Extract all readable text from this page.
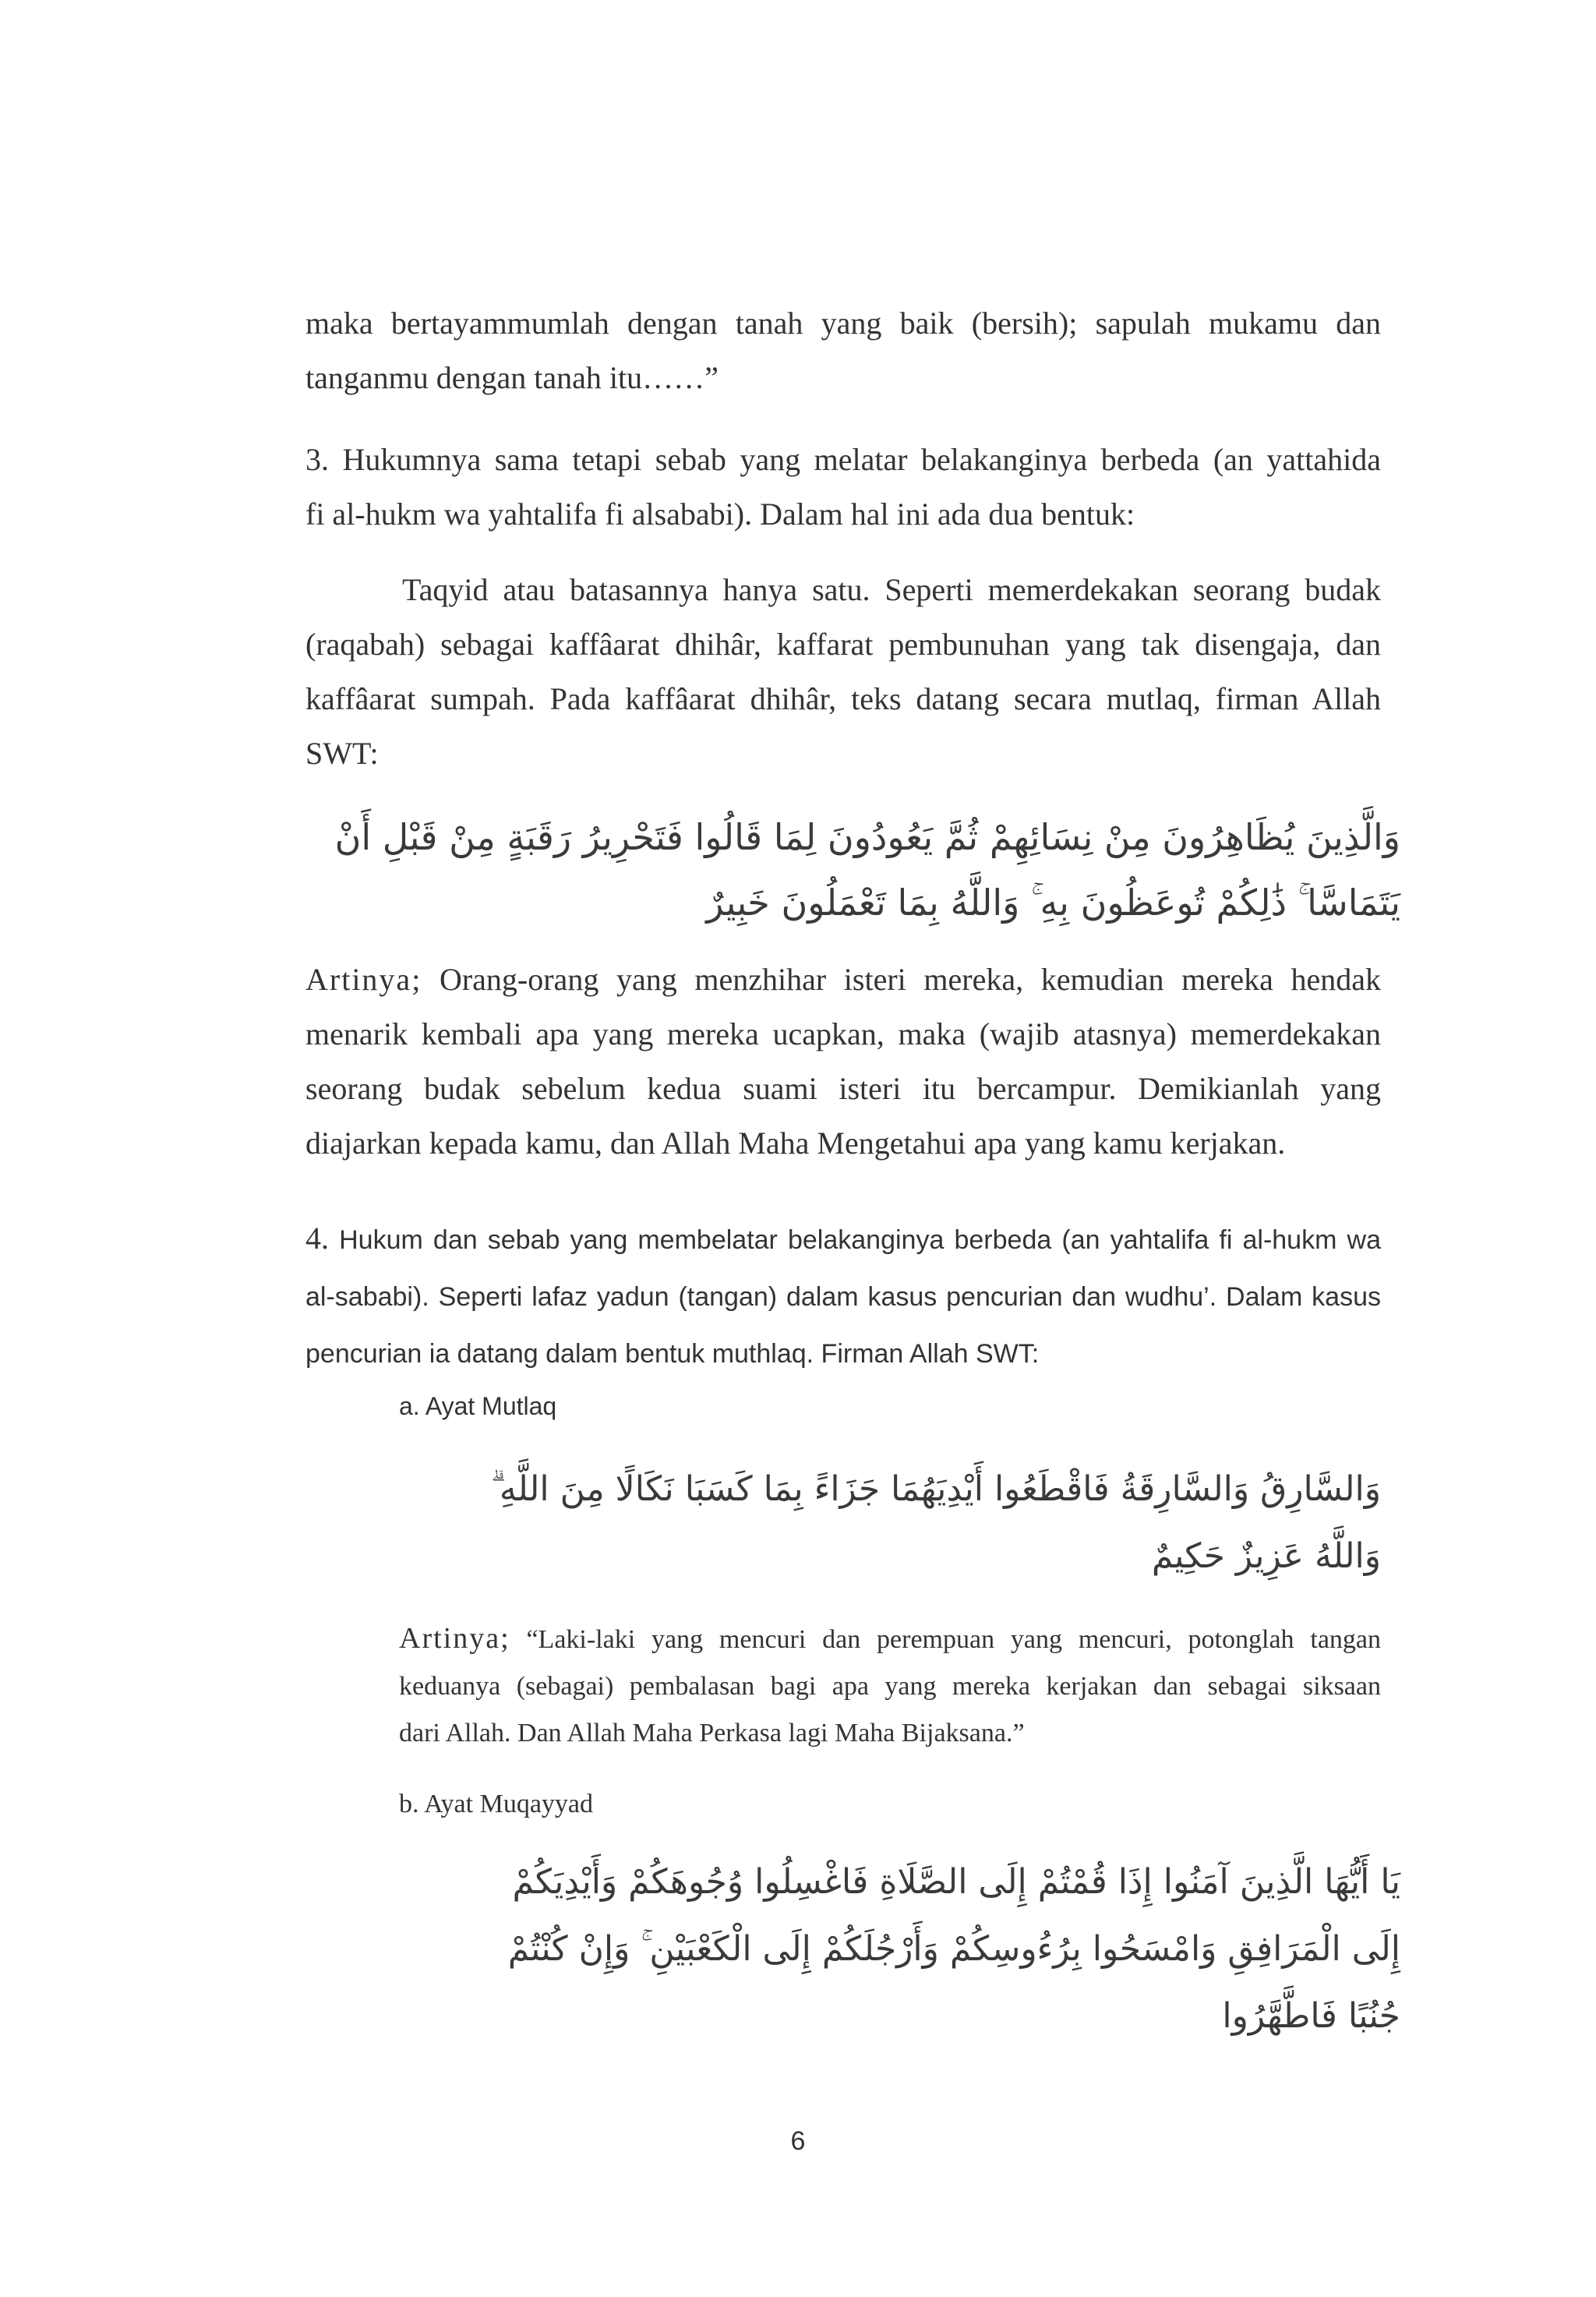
maka bertayammumlah dengan tanah yang baik (bersih); sapulah mukamu dan
tanganmu dengan tanah itu……”
3. Hukumnya sama tetapi sebab yang melatar belakanginya berbeda (an yattahida
fi al-hukm wa yahtalifa fi alsababi). Dalam hal ini ada dua bentuk:
Taqyid atau batasannya hanya satu. Seperti memerdekakan seorang budak
(raqabah) sebagai kaffâarat dhihâr, kaffarat pembunuhan yang tak disengaja, dan
kaffâarat sumpah. Pada kaffâarat dhihâr, teks datang secara mutlaq, firman Allah
SWT:
وَالَّذِينَ يُظَاهِرُونَ مِنْ نِسَائِهِمْ ثُمَّ يَعُودُونَ لِمَا قَالُوا فَتَحْرِيرُ رَقَبَةٍ مِنْ قَبْلِ أَنْ
يَتَمَاسَّا ۚ ذَٰلِكُمْ تُوعَظُونَ بِهِ ۚ وَاللَّهُ بِمَا تَعْمَلُونَ خَبِيرٌ
Artinya; Orang-orang yang menzhihar isteri mereka, kemudian mereka hendak
menarik kembali apa yang mereka ucapkan, maka (wajib atasnya) memerdekakan
seorang budak sebelum kedua suami isteri itu bercampur. Demikianlah yang
diajarkan kepada kamu, dan Allah Maha Mengetahui apa yang kamu kerjakan.
4. Hukum dan sebab yang membelatar belakanginya berbeda (an yahtalifa fi al-hukm wa
al-sababi). Seperti lafaz yadun (tangan) dalam kasus pencurian dan wudhu’. Dalam kasus
pencurian ia datang dalam bentuk muthlaq. Firman Allah SWT:
a. Ayat Mutlaq
وَالسَّارِقُ وَالسَّارِقَةُ فَاقْطَعُوا أَيْدِيَهُمَا جَزَاءً بِمَا كَسَبَا نَكَالًا مِنَ اللَّهِ ۗ
وَاللَّهُ عَزِيزٌ حَكِيمٌ
Artinya; “Laki-laki yang mencuri dan perempuan yang mencuri, potonglah tangan
keduanya (sebagai) pembalasan bagi apa yang mereka kerjakan dan sebagai siksaan
dari Allah. Dan Allah Maha Perkasa lagi Maha Bijaksana.”
b. Ayat Muqayyad
يَا أَيُّهَا الَّذِينَ آمَنُوا إِذَا قُمْتُمْ إِلَى الصَّلَاةِ فَاغْسِلُوا وُجُوهَكُمْ وَأَيْدِيَكُمْ
إِلَى الْمَرَافِقِ وَامْسَحُوا بِرُءُوسِكُمْ وَأَرْجُلَكُمْ إِلَى الْكَعْبَيْنِ ۚ وَإِنْ كُنْتُمْ
جُنُبًا فَاطَّهَّرُوا
6
